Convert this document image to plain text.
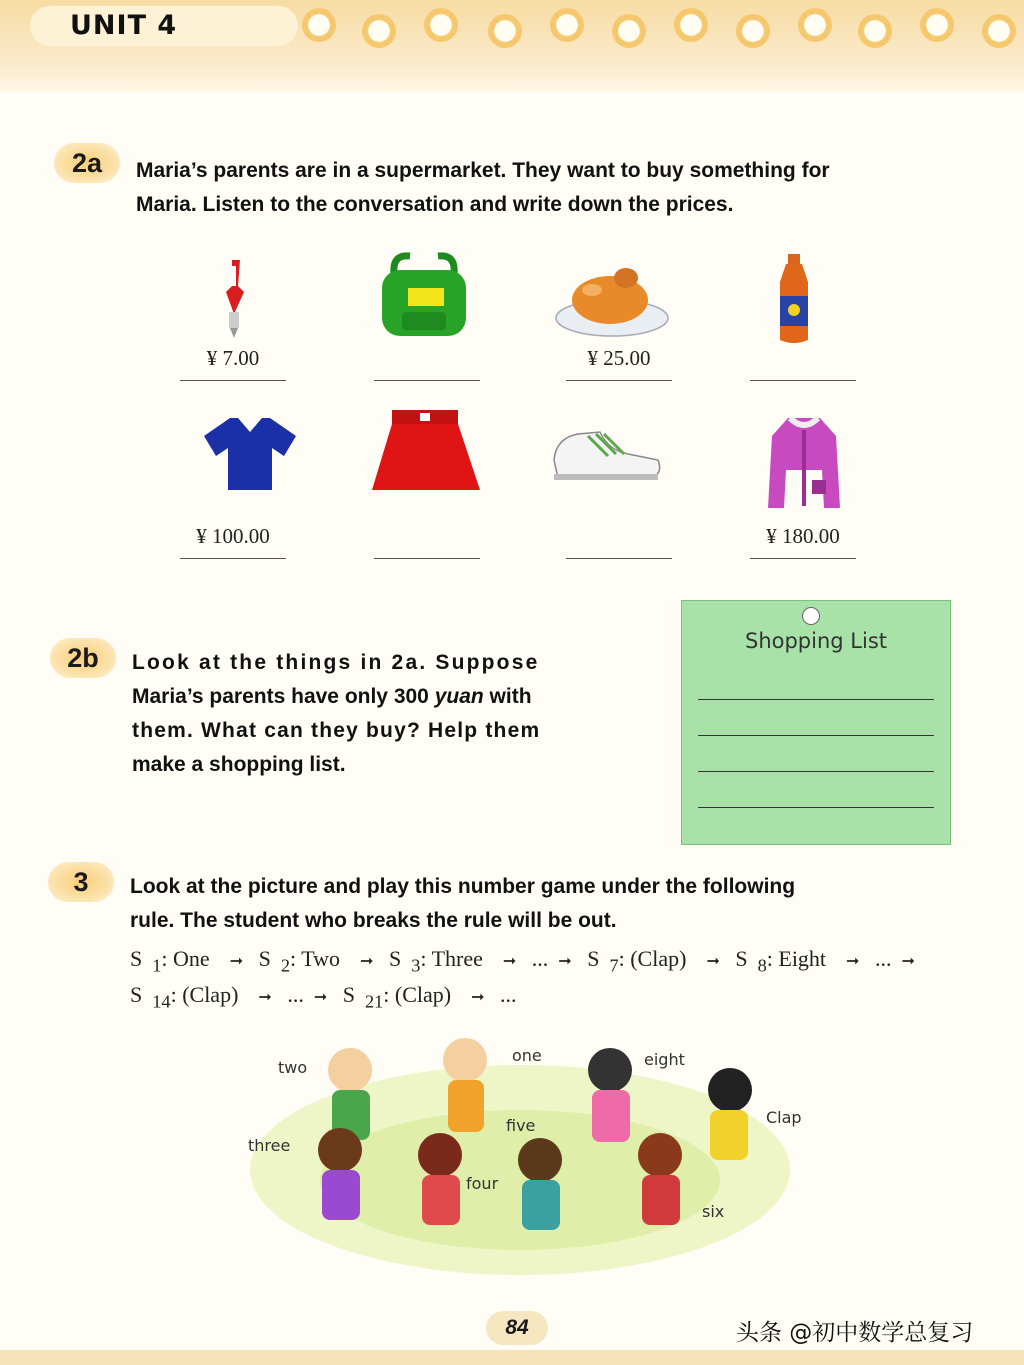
UNIT 4
2a	Maria’s parents are in a supermarket. They want to buy something for
Maria. Listen to the conversation and write down the prices.
¥ 7.00	¥ 25.00
¥ 100.00	¥ 180.00
2b	Look at the things in 2a. Suppose
Maria’s parents have only 300 yuan with
them. What can they buy? Help them
make a shopping list.
Shopping List
3	Look at the picture and play this number game under the following
rule. The student who breaks the rule will be out.
S $_1$: One ➞ S $_2$: Two ➞ S $_3$: Three ➞ ... ➞ S $_7$: (Clap) ➞ S $_8$: Eight ➞ ... ➞
S $_{14}$: (Clap) ➞ ... ➞ S $_{21}$: (Clap) ➞ ...
two
one	eight
three
five	Clap
four
six
84	头条 @初中数学总复习
